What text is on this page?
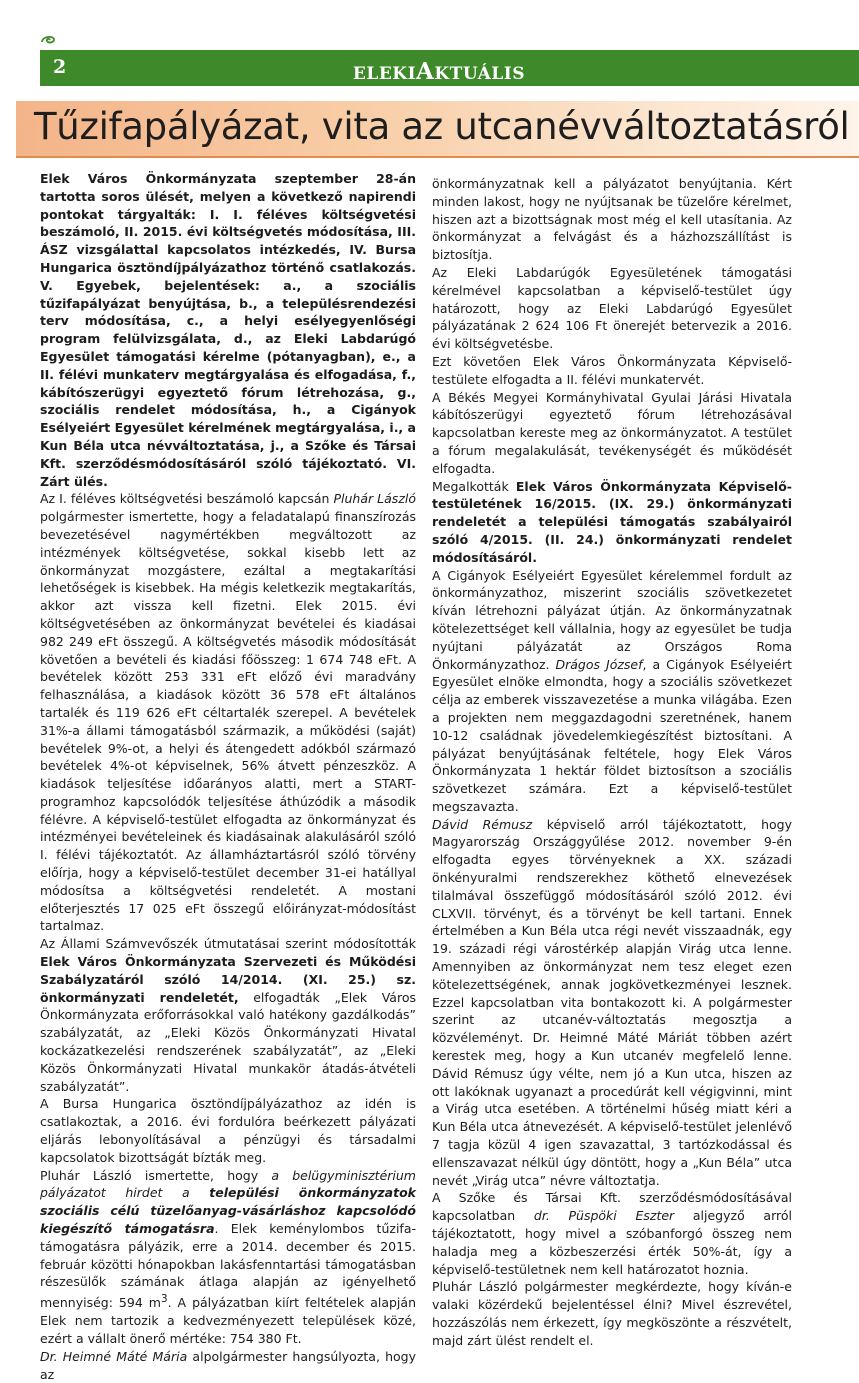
2	ELEKIAKTUÁLIS
Tűzifapályázat, vita az utcanévváltoztatásról

Elek Város Önkormányzata szeptember 28-án tartotta soros ülését, melyen a következő napirendi pontokat tárgyalták: I. I. féléves költségvetési beszámoló, II. 2015. évi költségvetés módosítása, III. ÁSZ vizsgálattal kapcsolatos intézkedés, IV. Bursa Hungarica ösztöndíjpályázathoz történő csatlakozás. V. Egyebek, bejelentések: a., a szociális tűzifapályázat benyújtása, b., a településrendezési terv módosítása, c., a helyi esélyegyenlőségi program felülvizsgálata, d., az Eleki Labdarúgó Egyesület támogatási kérelme (pótanyagban), e., a II. félévi munkaterv megtárgyalása és elfogadása, f., kábítószerügyi egyeztető fórum létrehozása, g., szociális rendelet módosítása, h., a Cigányok Esélyeiért Egyesület kérelmének megtárgyalása, i., a Kun Béla utca névváltoztatása, j., a Szőke és Társai Kft. szerződésmódosításáról szóló tájékoztató. VI. Zárt ülés.

Az I. féléves költségvetési beszámoló kapcsán Pluhár László polgármester ismertette, hogy a feladatalapú finanszírozás bevezetésével nagymértékben megváltozott az intézmények költségvetése, sokkal kisebb lett az önkormányzat mozgástere, ezáltal a megtakarítási lehetőségek is kisebbek. Ha mégis keletkezik megtakarítás, akkor azt vissza kell fizetni. Elek 2015. évi költségvetésében az önkormányzat bevételei és kiadásai 982 249 eFt összegű. A költségvetés második módosítását követően a bevételi és kiadási főösszeg: 1 674 748 eFt. A bevételek között 253 331 eFt előző évi maradvány felhasználása, a kiadások között 36 578 eFt általános tartalék és 119 626 eFt céltartalék szerepel. A bevételek 31%-a állami támogatásból származik, a működési (saját) bevételek 9%-ot, a helyi és átengedett adókból származó bevételek 4%-ot képviselnek, 56% átvett pénzeszköz. A kiadások teljesítése időarányos alatti, mert a START-programhoz kapcsolódók teljesítése áthúzódik a második félévre. A képviselő-testület elfogadta az önkormányzat és intézményei bevételeinek és kiadásainak alakulásáról szóló I. félévi tájékoztatót. Az államháztartásról szóló törvény előírja, hogy a képviselő-testület december 31-ei hatállyal módosítsa a költségvetési rendeletét. A mostani előterjesztés 17 025 eFt összegű előirányzat-módosítást tartalmaz.

Az Állami Számvevőszék útmutatásai szerint módosították Elek Város Önkormányzata Szervezeti és Működési Szabályzatáról szóló 14/2014. (XI. 25.) sz. önkormányzati rendeletét, elfogadták „Elek Város Önkormányzata erőforrásokkal való hatékony gazdálkodás” szabályzatát, az „Eleki Közös Önkormányzati Hivatal kockázatkezelési rendszerének szabályzatát”, az „Eleki Közös Önkormányzati Hivatal munkakör átadás-átvételi szabályzatát”.

A Bursa Hungarica ösztöndíjpályázathoz az idén is csatlakoztak, a 2016. évi fordulóra beérkezett pályázati eljárás lebonyolításával a pénzügyi és társadalmi kapcsolatok bizottságát bízták meg.

Pluhár László ismertette, hogy a belügyminisztérium pályázatot hirdet a települési önkormányzatok szociális célú tüzelőanyag-vásárláshoz kapcsolódó kiegészítő támogatásra. Elek keménylombos tűzifa-támogatásra pályázik, erre a 2014. december és 2015. február közötti hónapokban lakásfenntartási támogatásban részesülők számának átlaga alapján az igényelhető mennyiség: 594 $m^3$. A pályázatban kiírt feltételek alapján Elek nem tartozik a kedvezményezett települések közé, ezért a vállalt önerő mértéke: 754 380 Ft.

Dr. Heimné Máté Mária alpolgármester hangsúlyozta, hogy az

önkormányzatnak kell a pályázatot benyújtania. Kért minden lakost, hogy ne nyújtsanak be tüzelőre kérelmet, hiszen azt a bizottságnak most még el kell utasítania. Az önkormányzat a felvágást és a házhozszállítást is biztosítja.

Az Eleki Labdarúgók Egyesületének támogatási kérelmével kapcsolatban a képviselő-testület úgy határozott, hogy az Eleki Labdarúgó Egyesület pályázatának 2 624 106 Ft önerejét betervezik a 2016. évi költségvetésbe.

Ezt követően Elek Város Önkormányzata Képviselő-testülete elfogadta a II. félévi munkatervét.

A Békés Megyei Kormányhivatal Gyulai Járási Hivatala kábítószerügyi egyeztető fórum létrehozásával kapcsolatban kereste meg az önkormányzatot. A testület a fórum megalakulását, tevékenységét és működését elfogadta.

Megalkották Elek Város Önkormányzata Képviselő-testületének 16/2015. (IX. 29.) önkormányzati rendeletét a települési támogatás szabályairól szóló 4/2015. (II. 24.) önkormányzati rendelet módosításáról.

A Cigányok Esélyeiért Egyesület kérelemmel fordult az önkormányzathoz, miszerint szociális szövetkezetet kíván létrehozni pályázat útján. Az önkormányzatnak kötelezettséget kell vállalnia, hogy az egyesület be tudja nyújtani pályázatát az Országos Roma Önkormányzathoz. Drágos József, a Cigányok Esélyeiért Egyesület elnöke elmondta, hogy a szociális szövetkezet célja az emberek visszavezetése a munka világába. Ezen a projekten nem meggazdagodni szeretnének, hanem 10-12 családnak jövedelemkiegészítést biztosítani. A pályázat benyújtásának feltétele, hogy Elek Város Önkormányzata 1 hektár földet biztosítson a szociális szövetkezet számára. Ezt a képviselő-testület megszavazta.

Dávid Rémusz képviselő arról tájékoztatott, hogy Magyarország Országgyűlése 2012. november 9-én elfogadta egyes törvényeknek a XX. századi önkényuralmi rendszerekhez köthető elnevezések tilalmával összefüggő módosításáról szóló 2012. évi CLXVII. törvényt, és a törvényt be kell tartani. Ennek értelmében a Kun Béla utca régi nevét visszaadnák, egy 19. századi régi várostérkép alapján Virág utca lenne. Amennyiben az önkormányzat nem tesz eleget ezen kötelezettségének, annak jogkövetkezményei lesznek. Ezzel kapcsolatban vita bontakozott ki. A polgármester szerint az utcanév-változtatás megosztja a közvéleményt. Dr. Heimné Máté Máriát többen azért kerestek meg, hogy a Kun utcanév megfelelő lenne. Dávid Rémusz úgy vélte, nem jó a Kun utca, hiszen az ott lakóknak ugyanazt a procedúrát kell végigvinni, mint a Virág utca esetében. A történelmi hűség miatt kéri a Kun Béla utca átnevezését. A képviselő-testület jelenlévő 7 tagja közül 4 igen szavazattal, 3 tartózkodással és ellenszavazat nélkül úgy döntött, hogy a „Kun Béla” utca nevét „Virág utca” névre változtatja.

A Szőke és Társai Kft. szerződésmódosításával kapcsolatban dr. Püspöki Eszter aljegyző arról tájékoztatott, hogy mivel a szóbanforgó összeg nem haladja meg a közbeszerzési érték 50%-át, így a képviselő-testületnek nem kell határozatot hoznia.

Pluhár László polgármester megkérdezte, hogy kíván-e valaki közérdekű bejelentéssel élni? Mivel észrevétel, hozzászólás nem érkezett, így megköszönte a részvételt, majd zárt ülést rendelt el.
